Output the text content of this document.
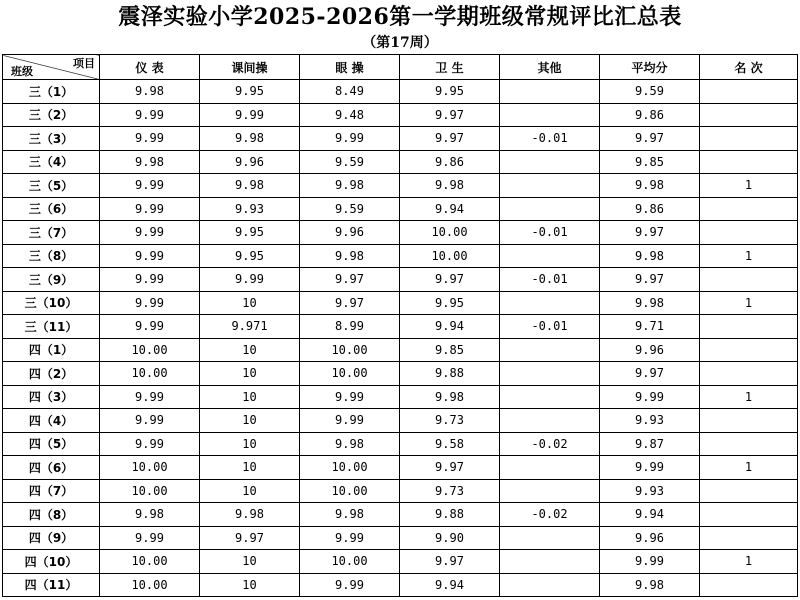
震泽实验小学2025-2026第一学期班级常规评比汇总表
（第17周）
项目
班级	仪 表	课间操	眼 操	卫 生	其他	平均分	名 次
三（1）	9.98	9.95	8.49	9.95		9.59	
三（2）	9.99	9.99	9.48	9.97		9.86	
三（3）	9.99	9.98	9.99	9.97	-0.01	9.97	
三（4）	9.98	9.96	9.59	9.86		9.85	
三（5）	9.99	9.98	9.98	9.98		9.98	1
三（6）	9.99	9.93	9.59	9.94		9.86	
三（7）	9.99	9.95	9.96	10.00	-0.01	9.97	
三（8）	9.99	9.95	9.98	10.00		9.98	1
三（9）	9.99	9.99	9.97	9.97	-0.01	9.97	
三（10）	9.99	10	9.97	9.95		9.98	1
三（11）	9.99	9.971	8.99	9.94	-0.01	9.71	
四（1）	10.00	10	10.00	9.85		9.96	
四（2）	10.00	10	10.00	9.88		9.97	
四（3）	9.99	10	9.99	9.98		9.99	1
四（4）	9.99	10	9.99	9.73		9.93	
四（5）	9.99	10	9.98	9.58	-0.02	9.87	
四（6）	10.00	10	10.00	9.97		9.99	1
四（7）	10.00	10	10.00	9.73		9.93	
四（8）	9.98	9.98	9.98	9.88	-0.02	9.94	
四（9）	9.99	9.97	9.99	9.90		9.96	
四（10）	10.00	10	10.00	9.97		9.99	1
四（11）	10.00	10	9.99	9.94		9.98	
